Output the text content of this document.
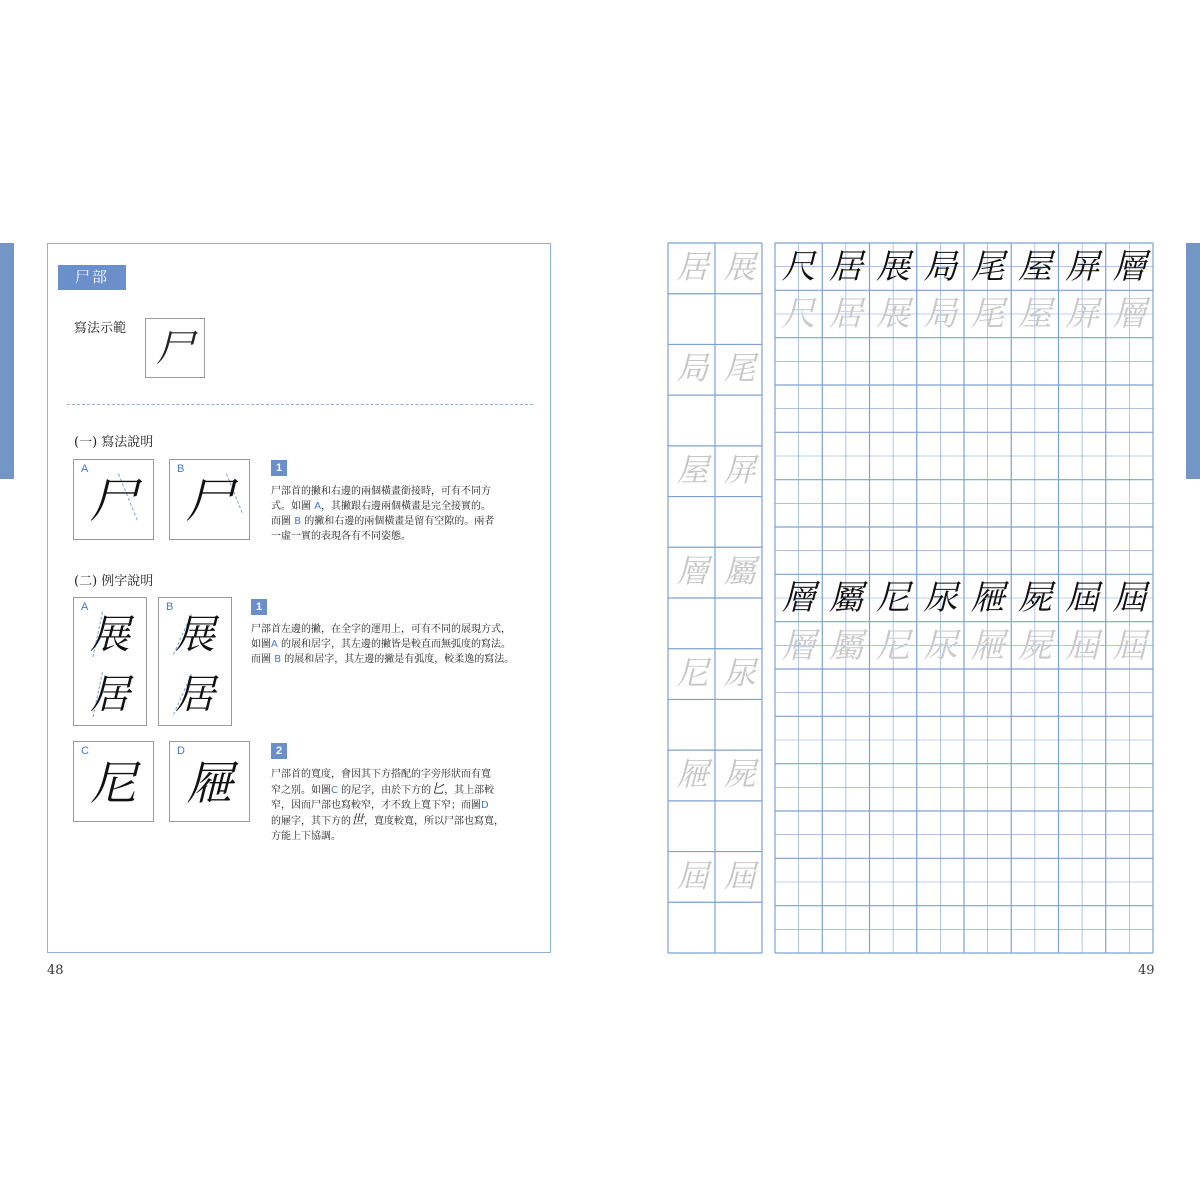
尸部
寫法示範 尸
(一) 寫法說明
A
尸
B
尸
1
尸部首的撇和右邊的兩個橫畫銜接時，可有不同方
式。如圖 A，其撇跟右邊兩個橫畫是完全接實的。
而圖 B 的撇和右邊的兩個橫畫是留有空隙的。兩者
一虛一實的表現各有不同姿態。
(二) 例字說明
A
展
居
B
展
居
C
尼
D
屜
1
尸部首左邊的撇，在全字的運用上，可有不同的展現方式，
如圖A 的展和居字，其左邊的撇皆是較直而無弧度的寫法。
而圖 B 的展和居字，其左邊的撇是有弧度，較柔逸的寫法。
2
尸部首的寬度，會因其下方搭配的字旁形狀而有寬
窄之別。如圖C 的尼字，由於下方的匕，其上部較
窄，因而尸部也寫較窄，才不致上寬下窄；而圖D
的屜字，其下方的世，寬度較寬，所以尸部也寫寬，
方能上下協調。
48
居 展
局 尾
屋 屏
層 屬
尼 尿
屜 屍
屆 屆
尺
尺
居
居
展
展
局
局
尾
尾
屋
屋
屏
屏
層
層
層
層
屬
屬
尼
尼
尿
尿
屜
屜
屍
屍
屆
屆
屆
屆
49
